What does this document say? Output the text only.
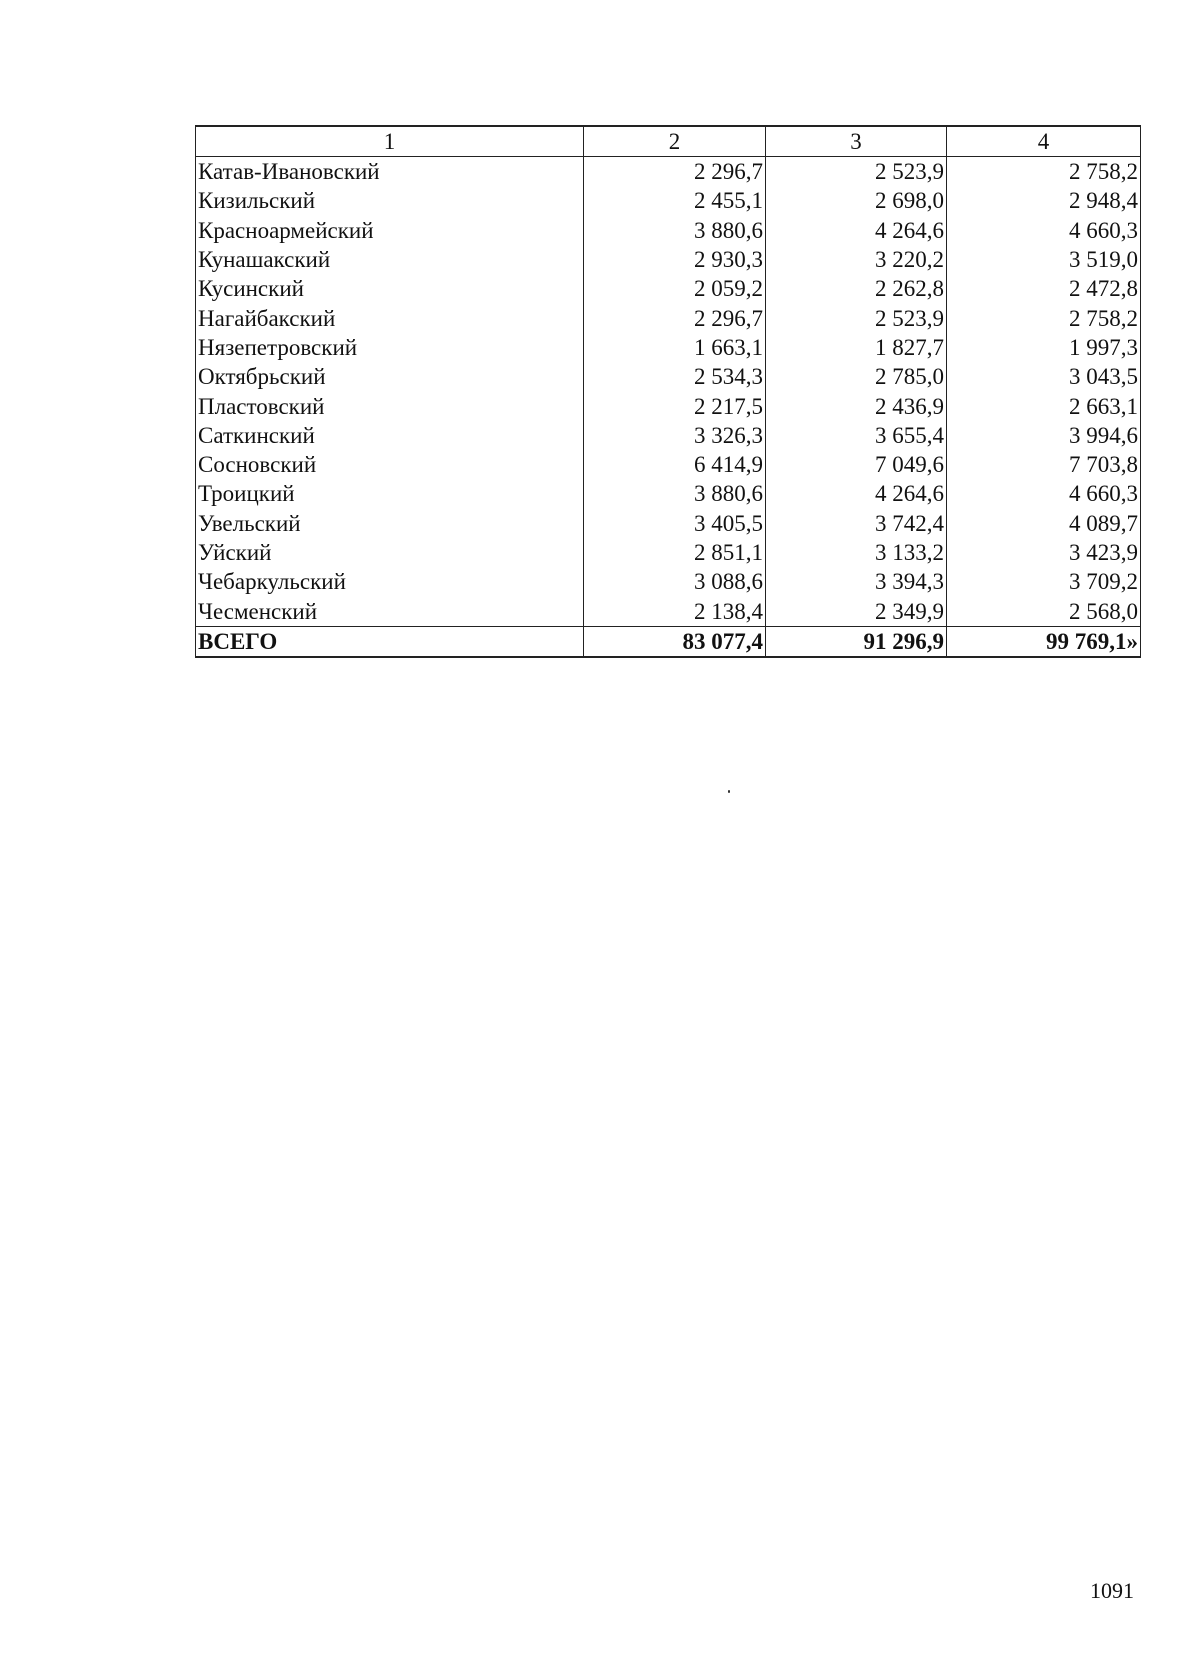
1	2	3	4
Катав-Ивановский	2 296,7	2 523,9	2 758,2
Кизильский	2 455,1	2 698,0	2 948,4
Красноармейский	3 880,6	4 264,6	4 660,3
Кунашакский	2 930,3	3 220,2	3 519,0
Кусинский	2 059,2	2 262,8	2 472,8
Нагайбакский	2 296,7	2 523,9	2 758,2
Нязепетровский	1 663,1	1 827,7	1 997,3
Октябрьский	2 534,3	2 785,0	3 043,5
Пластовский	2 217,5	2 436,9	2 663,1
Саткинский	3 326,3	3 655,4	3 994,6
Сосновский	6 414,9	7 049,6	7 703,8
Троицкий	3 880,6	4 264,6	4 660,3
Увельский	3 405,5	3 742,4	4 089,7
Уйский	2 851,1	3 133,2	3 423,9
Чебаркульский	3 088,6	3 394,3	3 709,2
Чесменский	2 138,4	2 349,9	2 568,0
ВСЕГО	83 077,4	91 296,9	99 769,1»
1091
